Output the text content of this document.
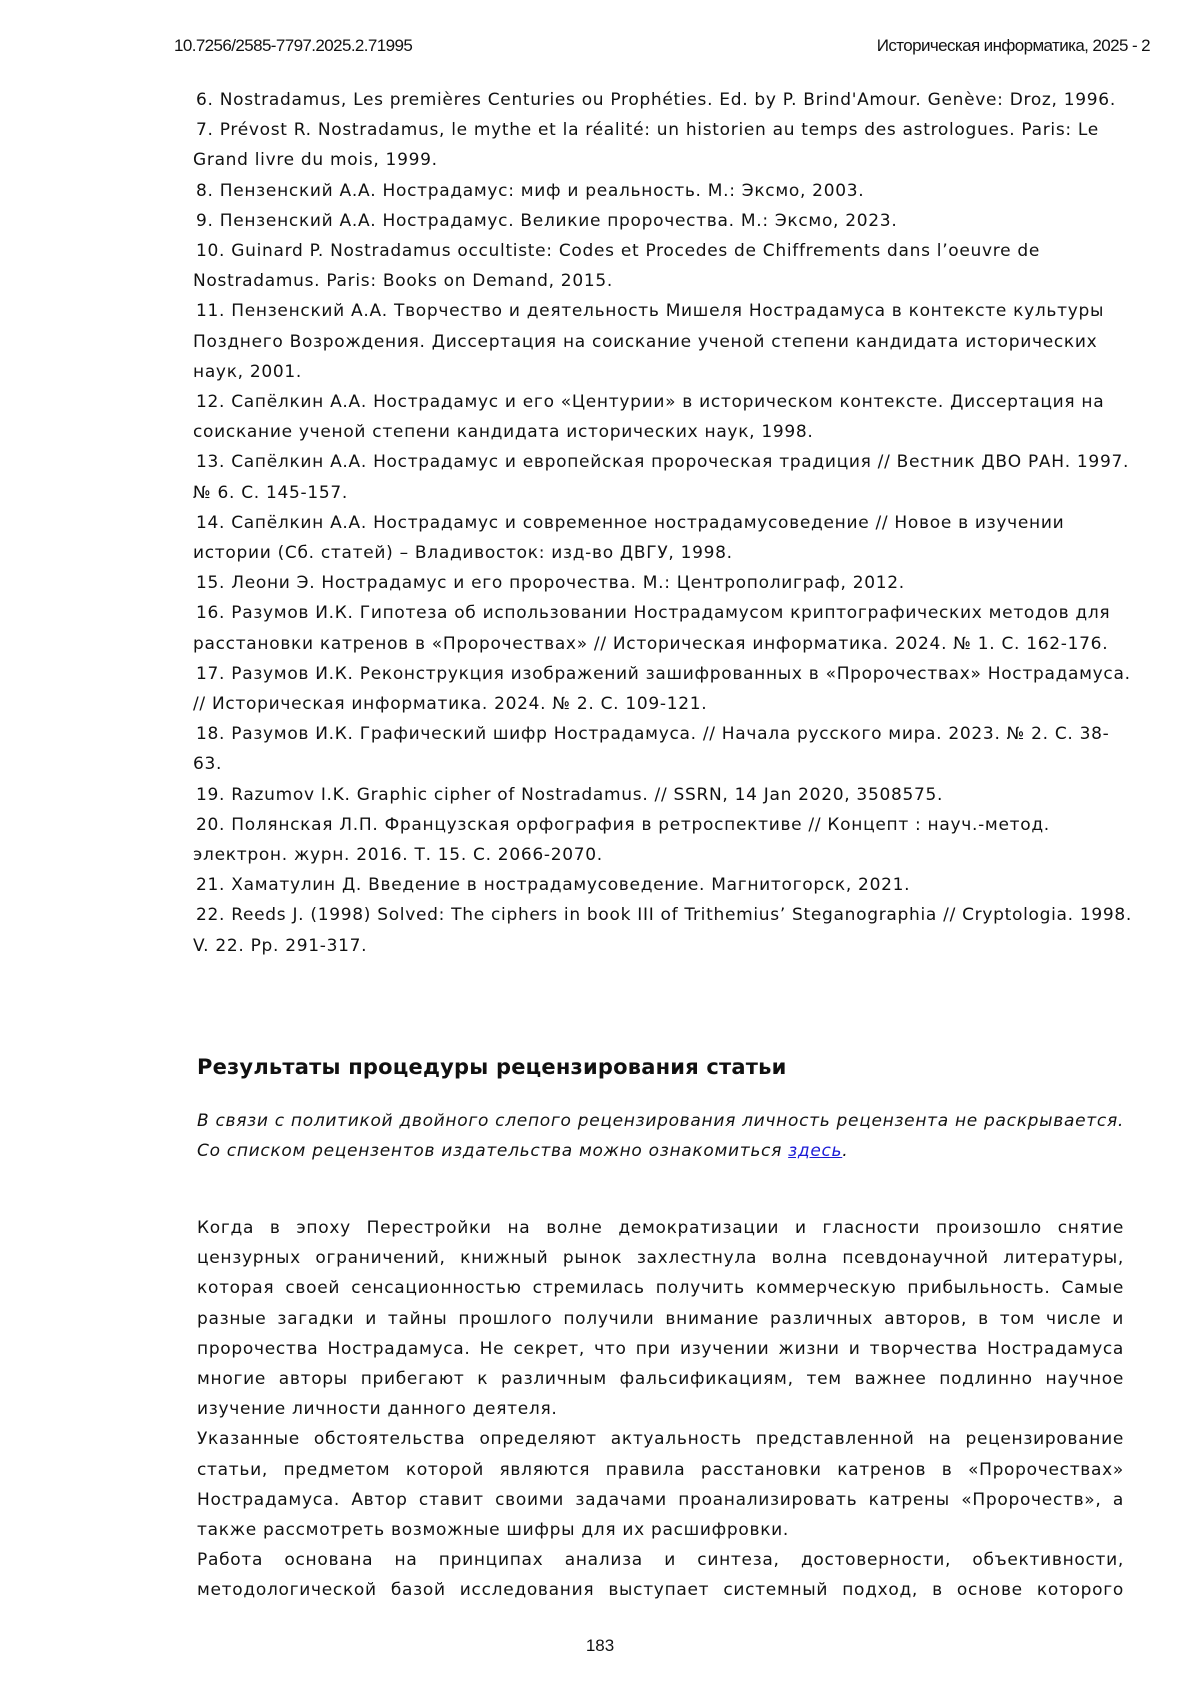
10.7256/2585-7797.2025.2.71995	Историческая информатика, 2025 - 2

6. Nostradamus, Les premières Centuries ou Prophéties. Ed. by P. Brind'Amour. Genève: Droz, 1996.

7. Prévost R. Nostradamus, le mythe et la réalité: un historien au temps des astrologues. Paris: Le Grand livre du mois, 1999.

8. Пензенский А.А. Нострадамус: миф и реальность. М.: Эксмо, 2003.

9. Пензенский А.А. Нострадамус. Великие пророчества. М.: Эксмо, 2023.

10. Guinard P. Nostradamus occultiste: Codes et Procedes de Chiffrements dans l’oeuvre de Nostradamus. Paris: Books on Demand, 2015.

11. Пензенский А.А. Творчество и деятельность Мишеля Нострадамуса в контексте культуры Позднего Возрождения. Диссертация на соискание ученой степени кандидата исторических наук, 2001.

12. Сапёлкин А.А. Нострадамус и его «Центурии» в историческом контексте. Диссертация на соискание ученой степени кандидата исторических наук, 1998.

13. Сапёлкин А.А. Нострадамус и европейская пророческая традиция // Вестник ДВО РАН. 1997. № 6. С. 145-157.

14. Сапёлкин А.А. Нострадамус и современное нострадамусоведение // Новое в изучении истории (Сб. статей) – Владивосток: изд-во ДВГУ, 1998.

15. Леони Э. Нострадамус и его пророчества. М.: Центрополиграф, 2012.

16. Разумов И.К. Гипотеза об использовании Нострадамусом криптографических методов для расстановки катренов в «Пророчествах» // Историческая информатика. 2024. № 1. С. 162-176.

17. Разумов И.К. Реконструкция изображений зашифрованных в «Пророчествах» Нострадамуса. // Историческая информатика. 2024. № 2. С. 109-121.

18. Разумов И.К. Графический шифр Нострадамуса. // Начала русского мира. 2023. № 2. С. 38-63.

19. Razumov I.K. Graphic cipher of Nostradamus. // SSRN, 14 Jan 2020, 3508575.

20. Полянская Л.П. Французская орфография в ретроспективе // Концепт : науч.-метод. электрон. журн. 2016. Т. 15. С. 2066-2070.

21. Хаматулин Д. Введение в нострадамусоведение. Магнитогорск, 2021.

22. Reeds J. (1998) Solved: The ciphers in book III of Trithemius’ Steganographia // Cryptologia. 1998. V. 22. Pp. 291-317.

Результаты процедуры рецензирования статьи

В связи с политикой двойного слепого рецензирования личность рецензента не раскрывается.

Со списком рецензентов издательства можно ознакомиться здесь.

Когда в эпоху Перестройки на волне демократизации и гласности произошло снятие цензурных ограничений, книжный рынок захлестнула волна псевдонаучной литературы, которая своей сенсационностью стремилась получить коммерческую прибыльность. Самые разные загадки и тайны прошлого получили внимание различных авторов, в том числе и пророчества Нострадамуса. Не секрет, что при изучении жизни и творчества Нострадамуса многие авторы прибегают к различным фальсификациям, тем важнее подлинно научное изучение личности данного деятеля.

Указанные обстоятельства определяют актуальность представленной на рецензирование статьи, предметом которой являются правила расстановки катренов в «Пророчествах» Нострадамуса. Автор ставит своими задачами проанализировать катрены «Пророчеств», а также рассмотреть возможные шифры для их расшифровки.

Работа основана на принципах анализа и синтеза, достоверности, объективности, методологической базой исследования выступает системный подход, в основе которого

183
